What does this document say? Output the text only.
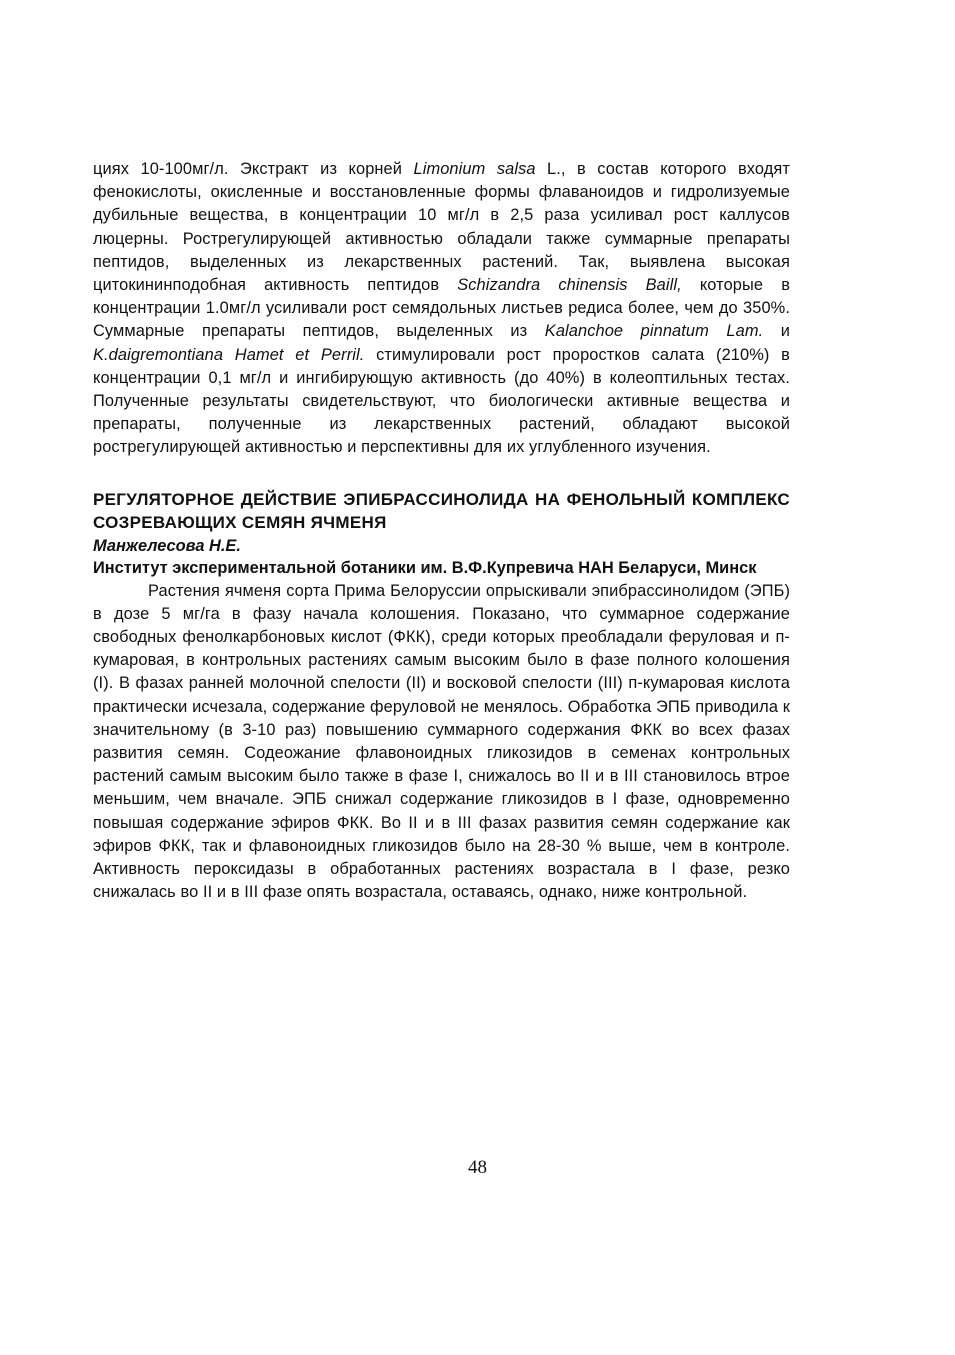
циях 10-100мг/л. Экстракт из корней Limonium salsa L., в состав которого входят фенокислоты, окисленные и восстановленные формы флаваноидов и гидролизуемые дубильные вещества, в концентрации 10 мг/л в 2,5 раза усиливал рост каллусов люцерны. Рострегулирующей активностью обладали также суммарные препараты пептидов, выделенных из лекарственных растений. Так, выявлена высокая цитокининподобная активность пептидов Schizandra chinensis Baill, которые в концентрации 1.0мг/л усиливали рост семядольных листьев редиса более, чем до 350%. Суммарные препараты пептидов, выделенных из Kalanchoe pinnatum Lam. и K.daigremontiana Hamet et Perril. стимулировали рост проростков салата (210%) в концентрации 0,1 мг/л и ингибирующую активность (до 40%) в колеоптильных тестах. Полученные результаты свидетельствуют, что биологически активные вещества и препараты, полученные из лекарственных растений, обладают высокой рострегулирующей активностью и перспективны для их углубленного изучения.

РЕГУЛЯТОРНОЕ ДЕЙСТВИЕ ЭПИБРАССИНОЛИДА НА ФЕНОЛЬНЫЙ КОМПЛЕКС СОЗРЕВАЮЩИХ СЕМЯН ЯЧМЕНЯ
Манжелесова Н.Е.
Институт экспериментальной ботаники им. В.Ф.Купревича НАН Беларуси, Минск

Растения ячменя сорта Прима Белоруссии опрыскивали эпибрассинолидом (ЭПБ) в дозе 5 мг/га в фазу начала колошения. Показано, что суммарное содержание свободных фенолкарбоновых кислот (ФКК), среди которых преобладали феруловая и п-кумаровая, в контрольных растениях самым высоким было в фазе полного колошения (I). В фазах ранней молочной спелости (II) и восковой спелости (III) п-кумаровая кислота практически исчезала, содержание феруловой не менялось. Обработка ЭПБ приводила к значительному (в 3-10 раз) повышению суммарного содержания ФКК во всех фазах развития семян. Содеожание флавоноидных гликозидов в семенах контрольных растений самым высоким было также в фазе I, снижалось во II и в III становилось втрое меньшим, чем вначале. ЭПБ снижал содержание гликозидов в I фазе, одновременно повышая содержание эфиров ФКК. Во II и в III фазах развития семян содержание как эфиров ФКК, так и флавоноидных гликозидов было на 28-30 % выше, чем в контроле. Активность пероксидазы в обработанных растениях возрастала в I фазе, резко снижалась во II и в III фазе опять возрастала, оставаясь, однако, ниже контрольной.

48
